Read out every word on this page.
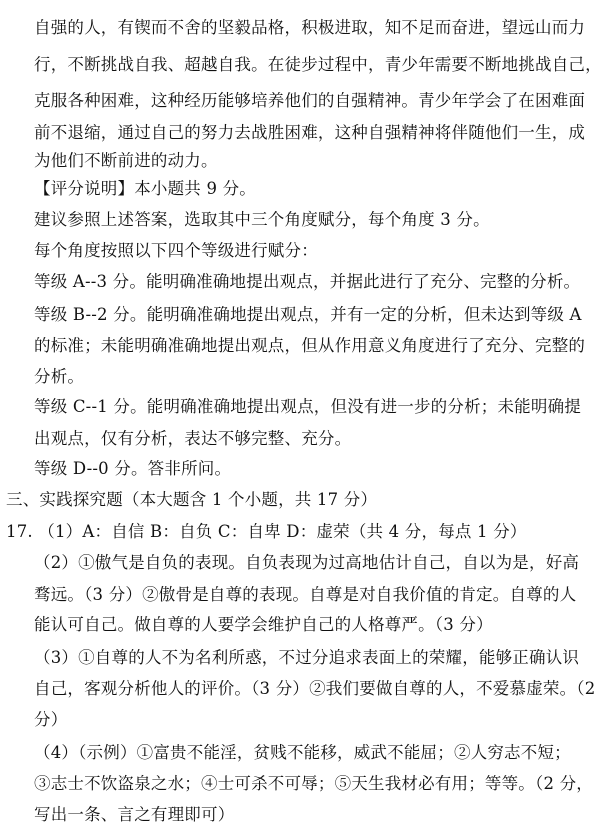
自强的人，有锲而不舍的坚毅品格，积极进取，知不足而奋进，望远山而力
行，不断挑战自我、超越自我。在徒步过程中，青少年需要不断地挑战自己，
克服各种困难，这种经历能够培养他们的自强精神。青少年学会了在困难面
前不退缩，通过自己的努力去战胜困难，这种自强精神将伴随他们一生，成
为他们不断前进的动力。
【评分说明】本小题共 9 分。
建议参照上述答案，选取其中三个角度赋分，每个角度 3 分。
每个角度按照以下四个等级进行赋分：
等级 A--3 分。能明确准确地提出观点，并据此进行了充分、完整的分析。
等级 B--2 分。能明确准确地提出观点，并有一定的分析，但未达到等级 A
的标准；未能明确准确地提出观点，但从作用意义角度进行了充分、完整的
分析。
等级 C--1 分。能明确准确地提出观点，但没有进一步的分析；未能明确提
出观点，仅有分析，表达不够完整、充分。
等级 D--0 分。答非所问。
三、实践探究题（本大题含 1 个小题，共 17 分）
17. （1）A：自信 B：自负 C：自卑 D：虚荣（共 4 分，每点 1 分）
（2）①傲气是自负的表现。自负表现为过高地估计自己，自以为是，好高
骛远。（3 分）②傲骨是自尊的表现。自尊是对自我价值的肯定。自尊的人
能认可自己。做自尊的人要学会维护自己的人格尊严。（3 分）
（3）①自尊的人不为名利所惑，不过分追求表面上的荣耀，能够正确认识
自己，客观分析他人的评价。（3 分）②我们要做自尊的人，不爱慕虚荣。（2
分）
（4）（示例）①富贵不能淫，贫贱不能移，威武不能屈；②人穷志不短；
③志士不饮盗泉之水；④士可杀不可辱；⑤天生我材必有用；等等。（2 分，
写出一条、言之有理即可）
